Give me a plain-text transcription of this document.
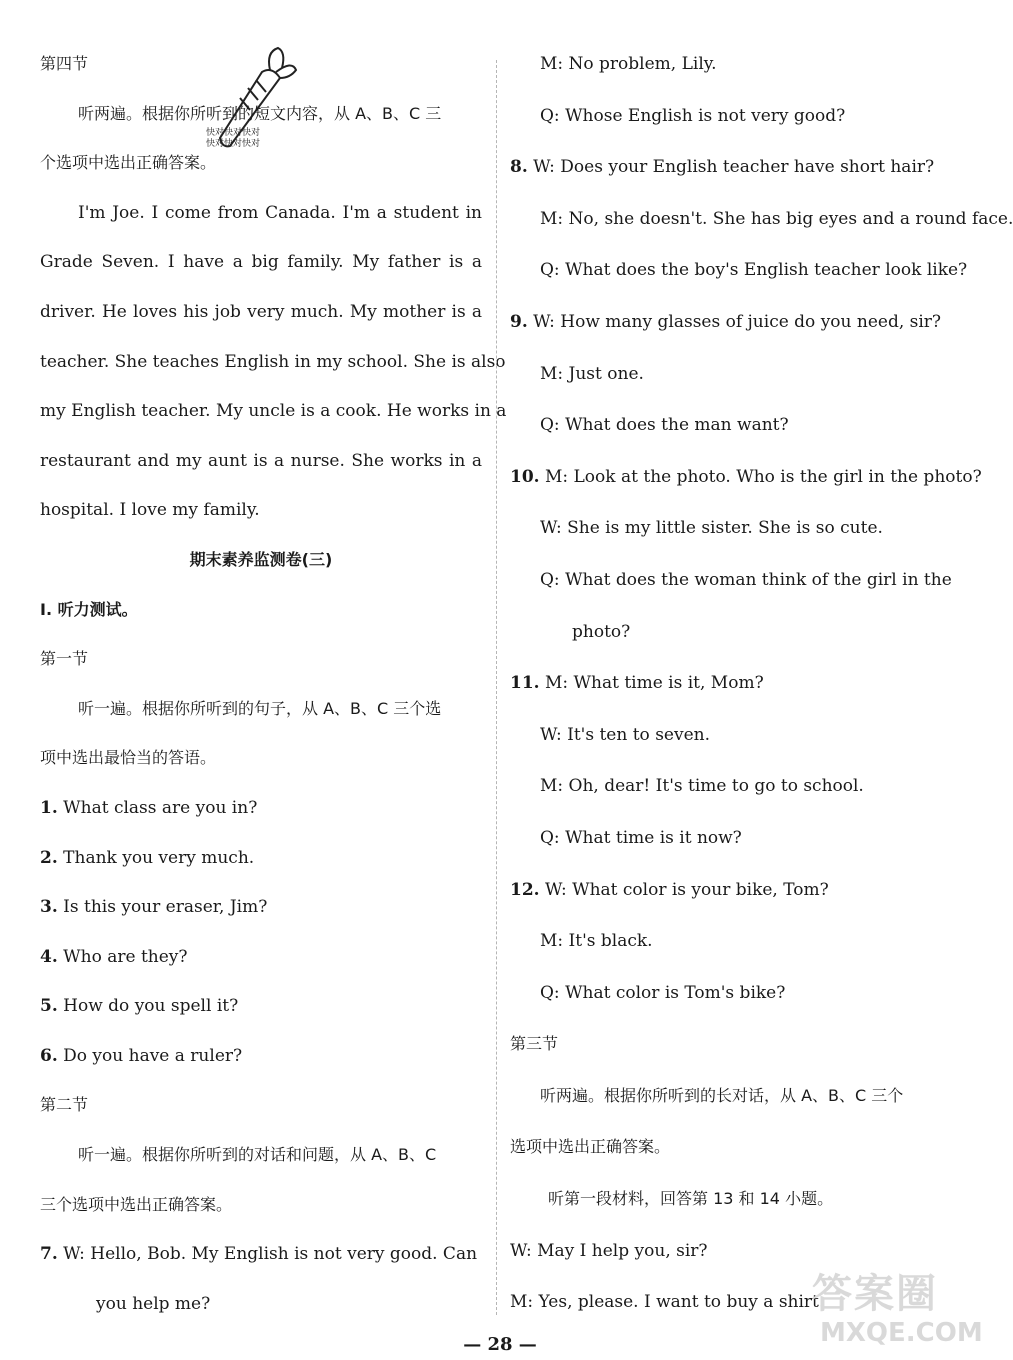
快对快对快对
快对快对快对
第四节
听两遍。根据你所听到的短文内容，从 A、B、C 三
个选项中选出正确答案。
I'm Joe. I come from Canada. I'm a student in
Grade Seven. I have a big family. My father is a
driver. He loves his job very much. My mother is a
teacher. She teaches English in my school. She is also
my English teacher. My uncle is a cook. He works in a
restaurant and my aunt is a nurse. She works in a
hospital. I love my family.
期末素养监测卷(三)
Ⅰ. 听力测试。
第一节
听一遍。根据你所听到的句子，从 A、B、C 三个选
项中选出最恰当的答语。
1. What class are you in?
2. Thank you very much.
3. Is this your eraser, Jim?
4. Who are they?
5. How do you spell it?
6. Do you have a ruler?
第二节
听一遍。根据你所听到的对话和问题，从 A、B、C
三个选项中选出正确答案。
7. W: Hello, Bob. My English is not very good. Can
you help me?
M: No problem, Lily.
Q: Whose English is not very good?
8. W: Does your English teacher have short hair?
M: No, she doesn't. She has big eyes and a round face.
Q: What does the boy's English teacher look like?
9. W: How many glasses of juice do you need, sir?
M: Just one.
Q: What does the man want?
10. M: Look at the photo. Who is the girl in the photo?
W: She is my little sister. She is so cute.
Q: What does the woman think of the girl in the
photo?
11. M: What time is it, Mom?
W: It's ten to seven.
M: Oh, dear! It's time to go to school.
Q: What time is it now?
12. W: What color is your bike, Tom?
M: It's black.
Q: What color is Tom's bike?
第三节
听两遍。根据你所听到的长对话，从 A、B、C 三个
选项中选出正确答案。
听第一段材料，回答第 13 和 14 小题。
W: May I help you, sir?
M: Yes, please. I want to buy a shirt.
— 28 —
答案圈
MXQE.COM
